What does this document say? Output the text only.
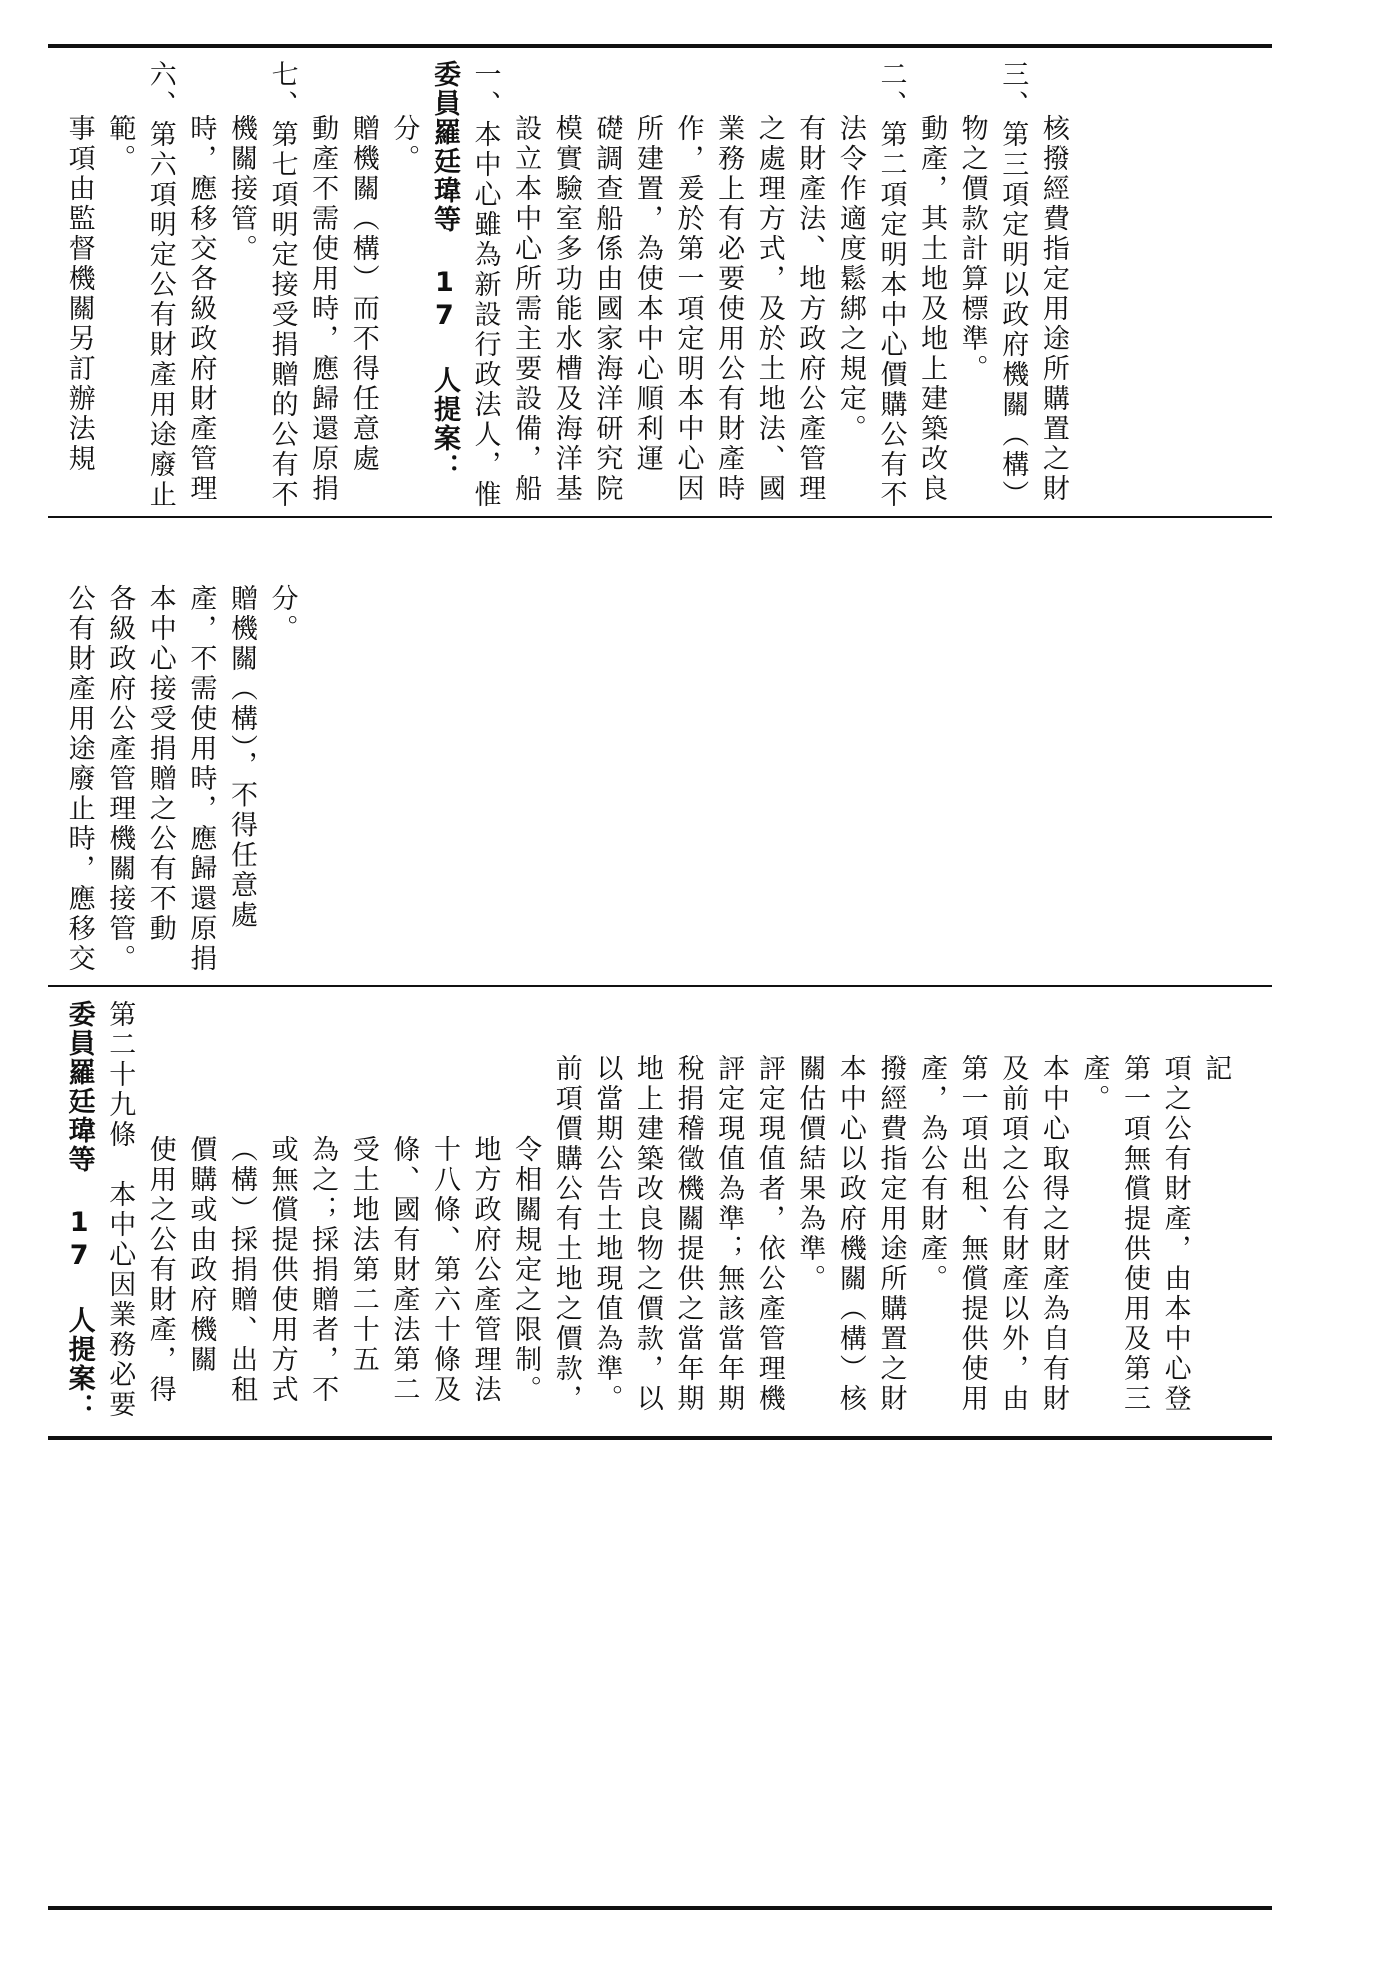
委員羅廷瑋等 17 人提案： 第二十九條　本中心因業務必要使用之公有財產，得價購或由政府機關（構）採捐贈、出租或無償提供使用方式為之；採捐贈者，不受土地法第二十五條、國有財產法第二十八條、第六十條及地方政府公產管理法令相關規定之限制。 前項價購公有土地之價款，以當期公告土地現值為準。地上建築改良物之價款，以稅捐稽徵機關提供之當年期評定現值為準；無該當年期評定現值者，依公產管理機關估價結果為準。 本中心以政府機關（構）核撥經費指定用途所購置之財產，為公有財產。 第一項出租、無償提供使用及前項之公有財產以外，由本中心取得之財產為自有財產。 第一項無償提供使用及第三項之公有財產，由本中心登記

公有財產用途廢止時，應移交各級政府公產管理機關接管。 本中心接受捐贈之公有不動產，不需使用時，應歸還原捐贈機關（構），不得任意處分。

事項由監督機關另訂辦法規範。 六、第六項明定公有財產用途廢止時，應移交各級政府財產管理機關接管。 七、第七項明定接受捐贈的公有不動產不需使用時，應歸還原捐贈機關（構）而不得任意處分。 委員羅廷瑋等 17 人提案： 一、本中心雖為新設行政法人，惟設立本中心所需主要設備，船模實驗室多功能水槽及海洋基礎調查船係由國家海洋研究院所建置，為使本中心順利運作，爰於第一項定明本中心因業務上有必要使用公有財產時之處理方式，及於土地法、國有財產法、地方政府公產管理法令作適度鬆綁之規定。 二、第二項定明本中心價購公有不動產，其土地及地上建築改良物之價款計算標準。 三、第三項定明以政府機關（構）核撥經費指定用途所購置之財
